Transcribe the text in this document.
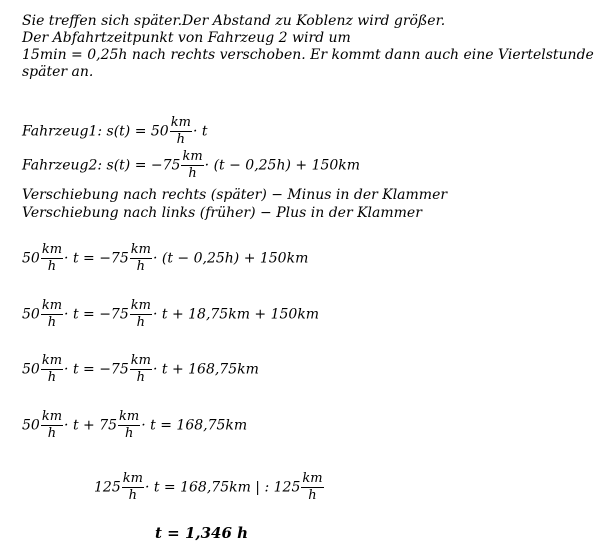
Sie treffen sich später.Der Abstand zu Koblenz wird größer.
Der Abfahrtzeitpunkt von Fahrzeug 2 wird um
15min = 0,25h nach rechts verschoben. Er kommt dann auch eine Viertelstunde
später an.
Fahrzeug1: $s(t) = 50 \frac{km}{h} \cdot t$
Fahrzeug2: $s(t) = -75 \frac{km}{h} \cdot (t - 0,25h) + 150km$
Verschiebung nach rechts (später) − Minus in der Klammer
Verschiebung nach links (früher) − Plus in der Klammer
$50 \frac{km}{h} \cdot t = -75 \frac{km}{h} \cdot (t - 0,25h) + 150km$
$50 \frac{km}{h} \cdot t = -75 \frac{km}{h} \cdot t + 18,75km + 150km$
$50 \frac{km}{h} \cdot t = -75 \frac{km}{h} \cdot t + 168,75km$
$50 \frac{km}{h} \cdot t + 75 \frac{km}{h} \cdot t = 168,75km$
$125 \frac{km}{h} \cdot t = 168,75km$ | : $125 \frac{km}{h}$
t = 1,346 h
